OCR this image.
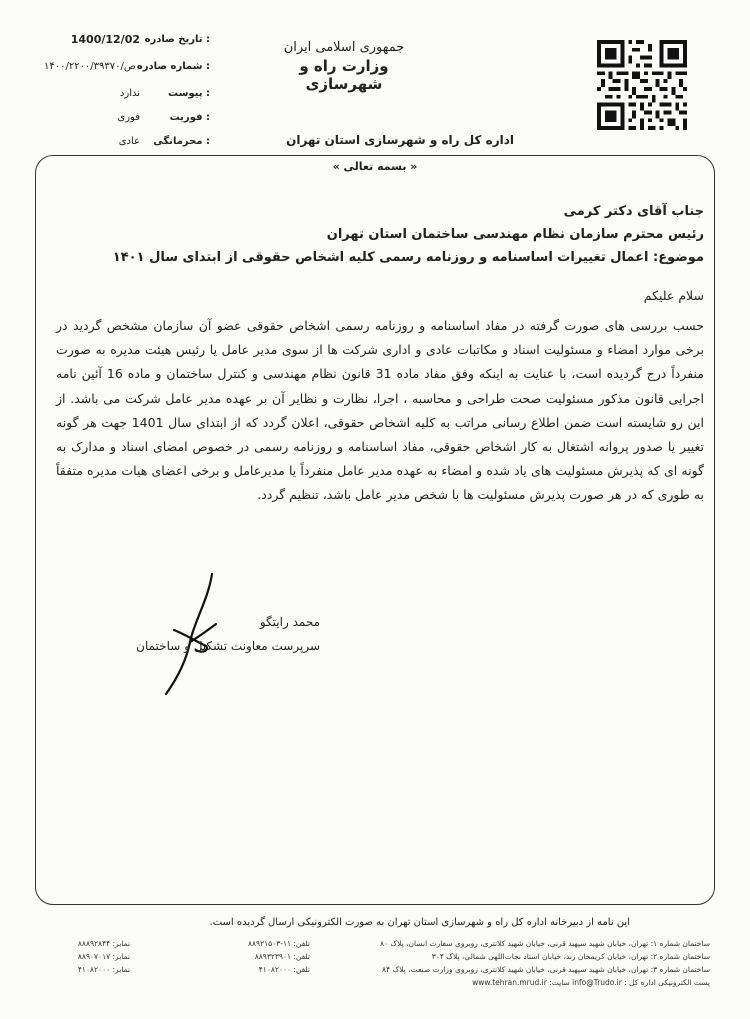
تاریخ صادره :
1400/12/02
شماره صادره :
۱۴۰۰/۲۲۰۰/۳۹۳۷۰/ص
پیوست :
ندارد
فوریت :
فوری
محرمانگی :
عادی
جمهوری اسلامی ایران
وزارت راه و شهرسازی
اداره کل راه و شهرسازی استان تهران
« بسمه تعالی »
جناب آقای دکتر کرمی
رئیس محترم سازمان نظام مهندسی ساختمان استان تهران
موضوع: اعمال تغییرات اساسنامه و روزنامه رسمی کلیه اشخاص حقوقی از ابتدای سال ۱۴۰۱
سلام علیکم
حسب بررسی های صورت گرفته در مفاد اساسنامه و روزنامه رسمی اشخاص حقوقی عضو آن سازمان مشخص گردید در برخی موارد امضاء و مسئولیت اسناد و مکاتبات عادی و اداری شرکت ها از سوی مدیر عامل یا رئیس هیئت مدیره به صورت منفرداً درج گردیده است، با عنایت به اینکه وفق مفاد ماده 31 قانون نظام مهندسی و کنترل ساختمان و ماده 16 آئین نامه اجرایی قانون مذکور مسئولیت صحت طراحی و محاسبه ، اجرا، نظارت و نظایر آن بر عهده مدیر عامل شرکت می باشد. از این رو شایسته است ضمن اطلاع رسانی مراتب به کلیه اشخاص حقوقی، اعلان گردد که از ابتدای سال 1401 جهت هر گونه تغییر یا صدور پروانه اشتغال به کار اشخاص حقوقی، مفاد اساسنامه و روزنامه رسمی در خصوص امضای اسناد و مدارک به گونه ای که پذیرش مسئولیت های یاد شده و امضاء به عهده مدیر عامل منفرداً یا مدیرعامل و برخی اعضای هیات مدیره متفقاً به طوری که در هر صورت پذیرش مسئولیت ها با شخص مدیر عامل باشد، تنظیم گردد.
محمد رایتگو
سرپرست معاونت تشکیل و ساختمان
این نامه از دبیرخانه اداره کل راه و شهرسازی استان تهران به صورت الکترونیکی ارسال گردیده است.
ساختمان شماره ۱: تهران، خیابان شهید سپهبد قرنی، خیابان شهید کلانتری، روبروی سفارت انسان، پلاک ۸۰
تلفن: ۱۱-۸۸۹۲۱۵۰۳
نمابر: ۸۸۸۹۲۸۴۴
ساختمان شماره ۲: تهران، خیابان کریمخان زند، خیابان استاد نجات‌اللهی شمالی، پلاک ۳۰۴
تلفن: ۸۸۹۳۲۳۹۰۱
نمابر: ۸۸۹۰۷۰۱۷
ساختمان شماره ۳: تهران، خیابان شهید سپهبد قرنی، خیابان شهید کلانتری، روبروی وزارت صنعت، پلاک ۸۴
تلفن: ۴۱۰۸۲۰۰۰
نمابر: ۴۱۰۸۲۰۰۰
پست الکترونیکی اداره کل : info@Trudo.ir سایت: www.tehran.mrud.ir
